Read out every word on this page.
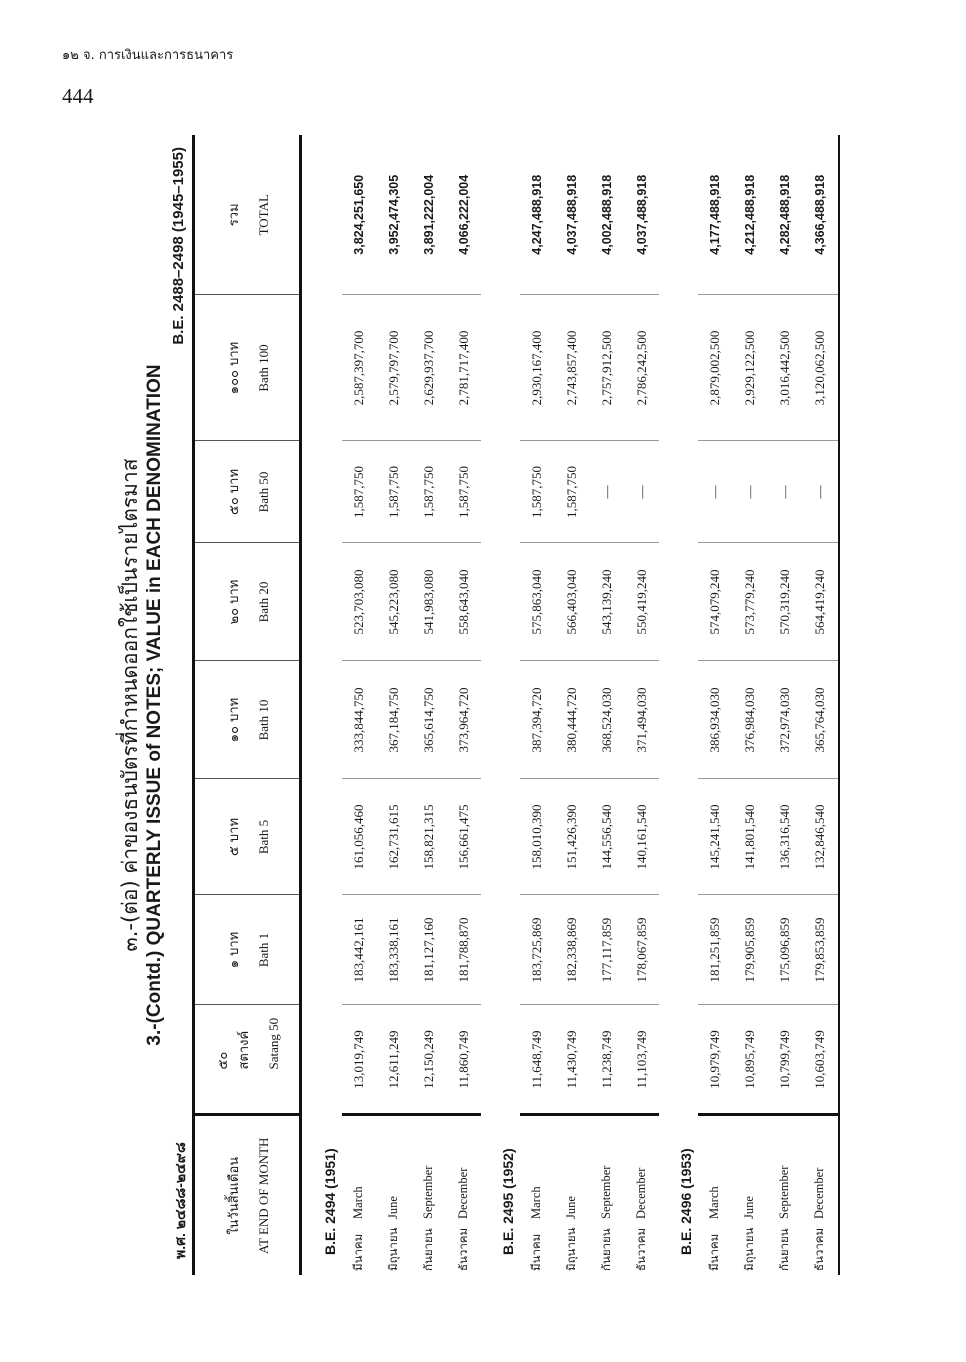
๑๒ จ. การเงินและการธนาคาร
444
๓.-(ต่อ) ค่าของธนบัตรที่กำหนดออกใช้เป็นรายไตรมาส 3.-(Contd.) QUARTERLY ISSUE of NOTES; VALUE in EACH DENOMINATION
พ.ศ. ๒๔๘๘-๒๔๙๘
B.E. 2488–2498 (1945–1955)
ในวันสิ้นเดือน AT END OF MONTH	๕๐ สตางค์ Satang 50	๑ บาท Bath 1	๕ บาท Bath 5	๑๐ บาท Bath 10	๒๐ บาท Bath 20	๕๐ บาท Bath 50	๑๐๐ บาท Bath 100	รวม TOTAL

B.E. 2494 (1951)								
มีนาคมMarch	13,019,749	183,442,161	161,056,460	333,844,750	523,703,080	1,587,750	2,587,397,700	3,824,251,650
มิถุนายนJune	12,611,249	183,338,161	162,731,615	367,184,750	545,223,080	1,587,750	2,579,797,700	3,952,474,305
กันยายนSeptember	12,150,249	181,127,160	158,821,315	365,614,750	541,983,080	1,587,750	2,629,937,700	3,891,222,004
ธันวาคมDecember	11,860,749	181,788,870	156,661,475	373,964,720	558,643,040	1,587,750	2,781,717,400	4,066,222,004
B.E. 2495 (1952)								
มีนาคมMarch	11,648,749	183,725,869	158,010,390	387,394,720	575,863,040	1,587,750	2,930,167,400	4,247,488,918
มิถุนายนJune	11,430,749	182,338,869	151,426,390	380,444,720	566,403,040	1,587,750	2,743,857,400	4,037,488,918
กันยายนSeptember	11,238,749	177,117,859	144,556,540	368,524,030	543,139,240	—	2,757,912,500	4,002,488,918
ธันวาคมDecember	11,103,749	178,067,859	140,161,540	371,494,030	550,419,240	—	2,786,242,500	4,037,488,918
B.E. 2496 (1953)								
มีนาคมMarch	10,979,749	181,251,859	145,241,540	386,934,030	574,079,240	—	2,879,002,500	4,177,488,918
มิถุนายนJune	10,895,749	179,905,859	141,801,540	376,984,030	573,779,240	—	2,929,122,500	4,212,488,918
กันยายนSeptember	10,799,749	175,096,859	136,316,540	372,974,030	570,319,240	—	3,016,442,500	4,282,488,918
ธันวาคมDecember	10,603,749	179,853,859	132,846,540	365,764,030	564,419,240	—	3,120,062,500	4,366,488,918
